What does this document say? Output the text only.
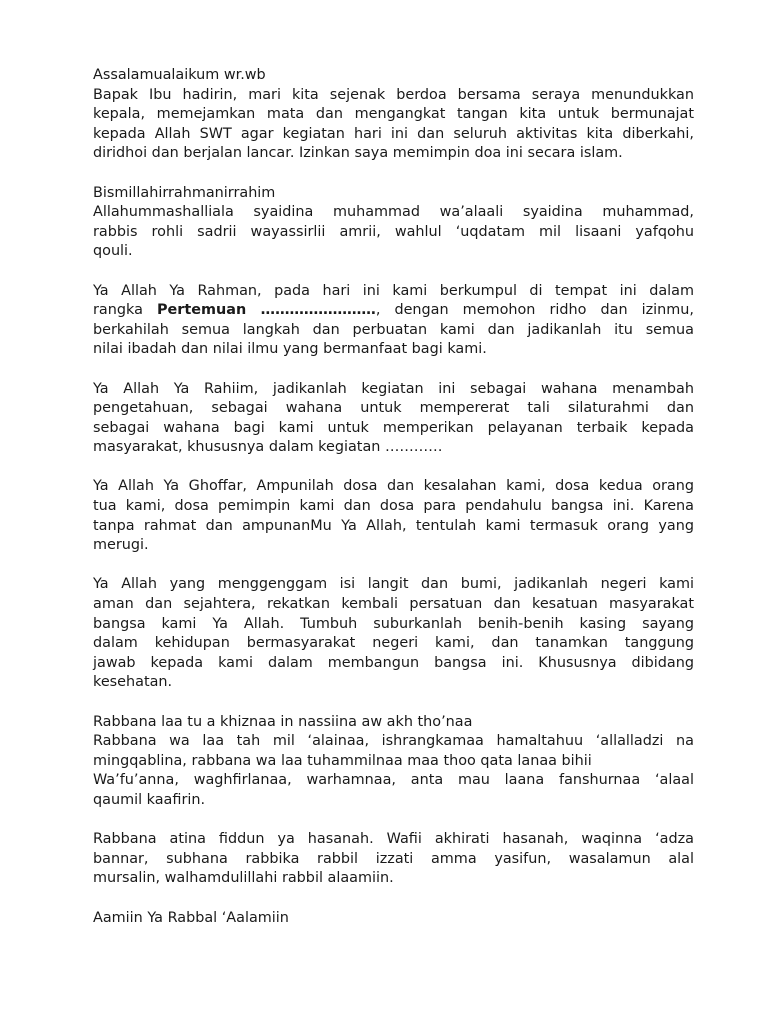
Assalamualaikum wr.wb
Bapak Ibu hadirin, mari kita sejenak berdoa bersama seraya menundukkan
kepala, memejamkan mata dan mengangkat tangan kita untuk bermunajat
kepada Allah SWT agar kegiatan hari ini dan seluruh aktivitas kita diberkahi,
diridhoi dan berjalan lancar. Izinkan saya memimpin doa ini secara islam.
Bismillahirrahmanirrahim
Allahummashalliala syaidina muhammad wa’alaali syaidina muhammad,
rabbis rohli sadrii wayassirlii amrii, wahlul ‘uqdatam mil lisaani yafqohu
qouli.
Ya Allah Ya Rahman, pada hari ini kami berkumpul di tempat ini dalam
rangka Pertemuan ……………………, dengan memohon ridho dan izinmu,
berkahilah semua langkah dan perbuatan kami dan jadikanlah itu semua
nilai ibadah dan nilai ilmu yang bermanfaat bagi kami.
Ya Allah Ya Rahiim, jadikanlah kegiatan ini sebagai wahana menambah
pengetahuan, sebagai wahana untuk mempererat tali silaturahmi dan
sebagai wahana bagi kami untuk memperikan pelayanan terbaik kepada
masyarakat, khususnya dalam kegiatan …………
Ya Allah Ya Ghoffar, Ampunilah dosa dan kesalahan kami, dosa kedua orang
tua kami, dosa pemimpin kami dan dosa para pendahulu bangsa ini. Karena
tanpa rahmat dan ampunanMu Ya Allah, tentulah kami termasuk orang yang
merugi.
Ya Allah yang menggenggam isi langit dan bumi, jadikanlah negeri kami
aman dan sejahtera, rekatkan kembali persatuan dan kesatuan masyarakat
bangsa kami Ya Allah. Tumbuh suburkanlah benih-benih kasing sayang
dalam kehidupan bermasyarakat negeri kami, dan tanamkan tanggung
jawab kepada kami dalam membangun bangsa ini. Khususnya dibidang
kesehatan.
Rabbana laa tu a khiznaa in nassiina aw akh tho’naa
Rabbana wa laa tah mil ‘alainaa, ishrangkamaa hamaltahuu ‘allalladzi na
mingqablina, rabbana wa laa tuhammilnaa maa thoo qata lanaa bihii
Wa’fu’anna, waghfirlanaa, warhamnaa, anta mau laana fanshurnaa ‘alaal
qaumil kaafirin.
Rabbana atina fiddun ya hasanah. Wafii akhirati hasanah, waqinna ‘adza
bannar, subhana rabbika rabbil izzati amma yasifun, wasalamun alal
mursalin, walhamdulillahi rabbil alaamiin.
Aamiin Ya Rabbal ‘Aalamiin
